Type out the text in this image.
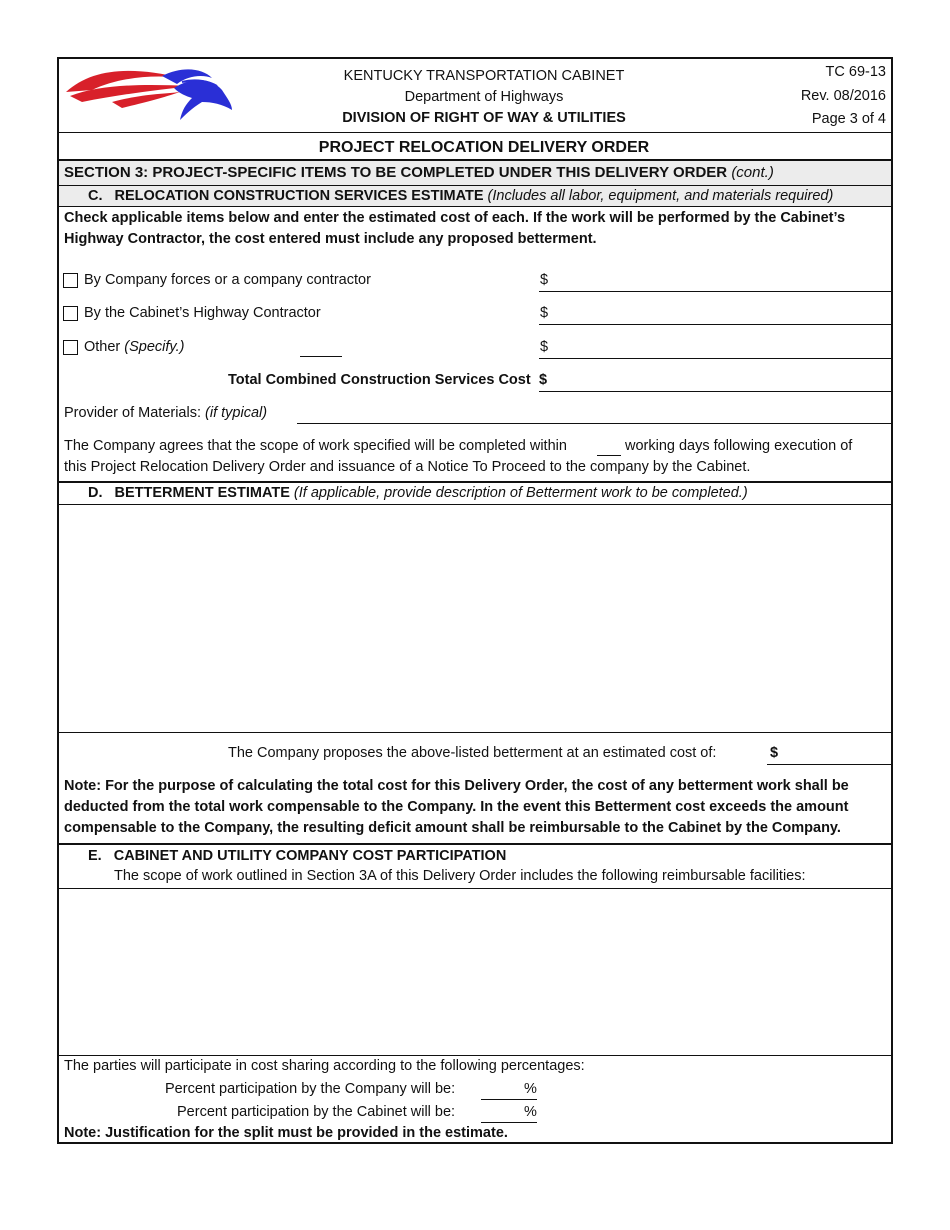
KENTUCKY TRANSPORTATION CABINET
Department of Highways
DIVISION OF RIGHT OF WAY & UTILITIES
TC 69-13
Rev. 08/2016
Page 3 of 4
PROJECT RELOCATION DELIVERY ORDER
SECTION 3: PROJECT-SPECIFIC ITEMS TO BE COMPLETED UNDER THIS DELIVERY ORDER (cont.)
C. RELOCATION CONSTRUCTION SERVICES ESTIMATE (Includes all labor, equipment, and materials required)
Check applicable items below and enter the estimated cost of each. If the work will be performed by the Cabinet’s
Highway Contractor, the cost entered must include any proposed betterment.
By Company forces or a company contractor	$
By the Cabinet’s Highway Contractor	$
Other (Specify.)	$
Total Combined Construction Services Cost $
Provider of Materials: (if typical)
The Company agrees that the scope of work specified will be completed within	working days following execution of
this Project Relocation Delivery Order and issuance of a Notice To Proceed to the company by the Cabinet.
D. BETTERMENT ESTIMATE (If applicable, provide description of Betterment work to be completed.)
The Company proposes the above-listed betterment at an estimated cost of:	$
Note: For the purpose of calculating the total cost for this Delivery Order, the cost of any betterment work shall be
deducted from the total work compensable to the Company. In the event this Betterment cost exceeds the amount
compensable to the Company, the resulting deficit amount shall be reimbursable to the Cabinet by the Company.
E. CABINET AND UTILITY COMPANY COST PARTICIPATION
The scope of work outlined in Section 3A of this Delivery Order includes the following reimbursable facilities:
The parties will participate in cost sharing according to the following percentages:
Percent participation by the Company will be:	%
Percent participation by the Cabinet will be:	%
Note: Justification for the split must be provided in the estimate.
